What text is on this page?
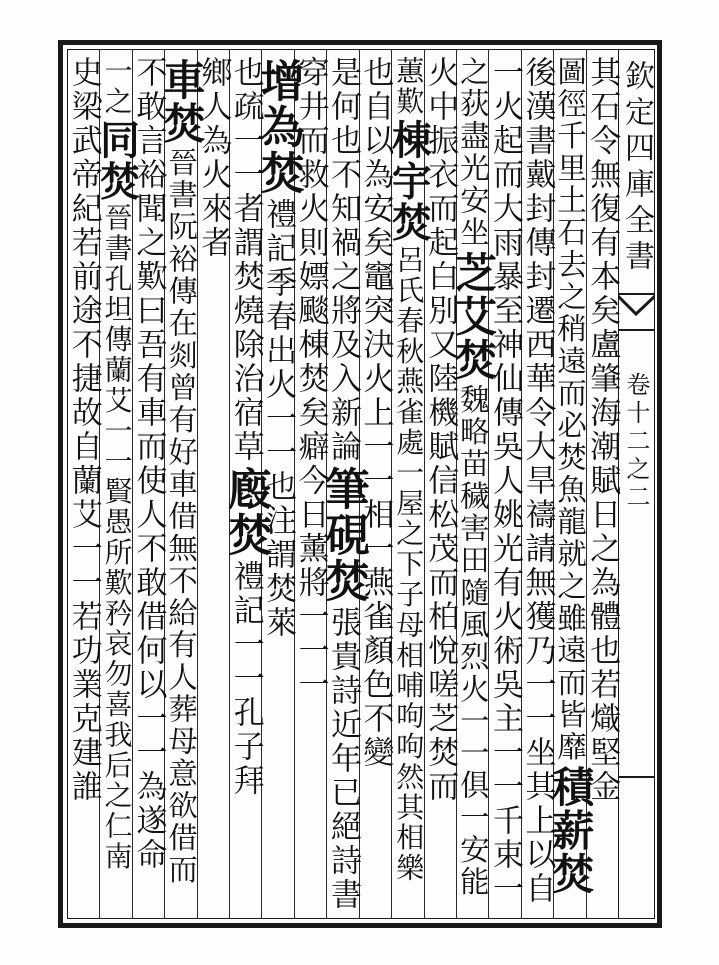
欽定四庫全書
卷十二之二
其石令無復有本矣盧肇海潮賦日之為體也若熾堅金
圖徑千里土石去之稍遠而必焚魚龍就之雖遠而皆靡
積薪焚
後漢書戴封傳封遷西華令大旱禱請無獲乃一一坐其上以自
一火起而大雨暴至神仙傳吳人姚光有火術吳主一一千束一
之荻盡光安坐
芝艾焚
魏略苗穢害田隨風烈火一一俱一安能
火中振衣而起
白別又陸機賦信松茂而柏悅嗟芝焚而
蕙歎
棟宇焚
呂氏春秋燕雀處一屋之下子母相哺呴呴然其相樂
也自以為安矣竈突決火上一一相一燕雀顏色不變
是何也不知禍之將及入新論
筆硯焚
張貴詩近年已絕詩書
穿井而救火則嫖颷棟焚矣
癖今日薰將一一一
增為焚
禮記季春出火一一也注謂焚萊
也疏一一者謂焚燒除治宿草
廏焚
禮記一一孔子拜
鄉人為火來者
車焚
晉書阮裕傳在剡曾有好車借無不給有人葬母意欲借而
不敢言裕聞之歎曰吾有車而使人不敢借何以一一為遂命
一之
同焚
晉書孔坦傳蘭艾一一賢愚所歎矜哀勿喜我后之仁南
史梁武帝紀若前途不捷故自蘭艾一一若功業克建誰
